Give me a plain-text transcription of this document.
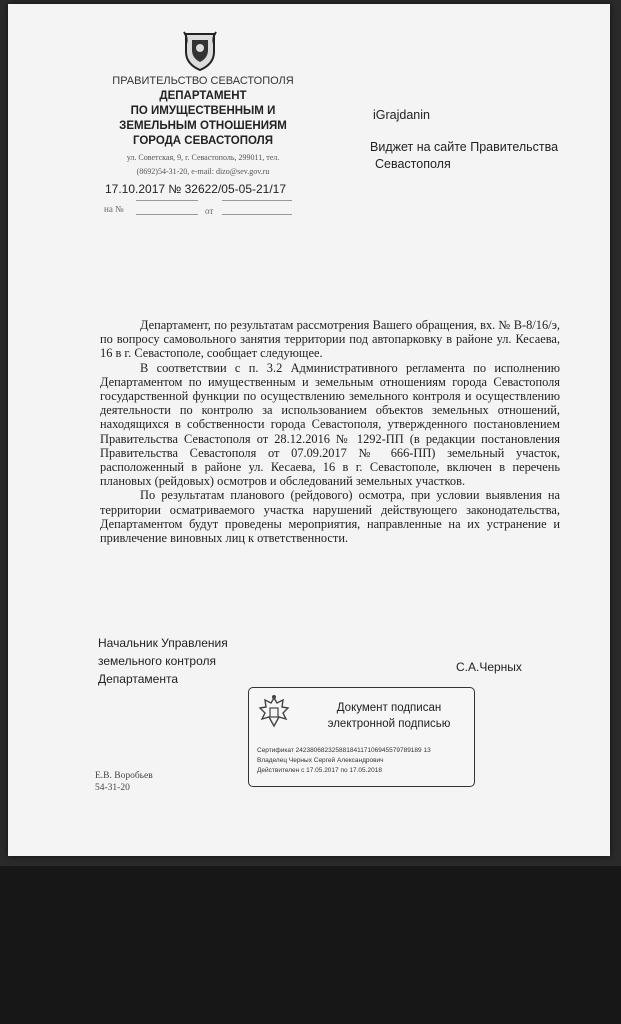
ПРАВИТЕЛЬСТВО СЕВАСТОПОЛЯ
ДЕПАРТАМЕНТ
ПО ИМУЩЕСТВЕННЫМ И
ЗЕМЕЛЬНЫМ ОТНОШЕНИЯМ
ГОРОДА СЕВАСТОПОЛЯ
ул. Советская, 9, г. Севастополь, 299011, тел.
(8692)54-31-20, e-mail: dizo@sev.gov.ru
17.10.2017 № 32622/05-05-21/17
на №	от
iGrajdanin
Виджет на сайте Правительства
Севастополя

Департамент, по результатам рассмотрения Вашего обращения, вх. № В-8/16/э, по вопросу самовольного занятия территории под автопарковку в районе ул. Кесаева, 16 в г. Севастополе, сообщает следующее.

В соответствии с п. 3.2 Административного регламента по исполнению Департаментом по имущественным и земельным отношениям города Севастополя государственной функции по осуществлению земельного контроля и осуществлению деятельности по контролю за использованием объектов земельных отношений, находящихся в собственности города Севастополя, утвержденного постановлением Правительства Севастополя от 28.12.2016 № 1292-ПП (в редакции постановления Правительства Севастополя от 07.09.2017 № 666-ПП) земельный участок, расположенный в районе ул. Кесаева, 16 в г. Севастополе, включен в перечень плановых (рейдовых) осмотров и обследований земельных участков.

По результатам планового (рейдового) осмотра, при условии выявления на территории осматриваемого участка нарушений действующего законодательства, Департаментом будут проведены мероприятия, направленные на их устранение и привлечение виновных лиц к ответственности.

Начальник Управления
земельного контроля
Департамента
С.А.Черных
Документ подписан
электронной подписью
Сертификат 24238068232588184117106945579789189 13
Владелец Черных Сергей Александрович
Действителен с 17.05.2017 по 17.05.2018
Е.В. Воробьев
54-31-20
